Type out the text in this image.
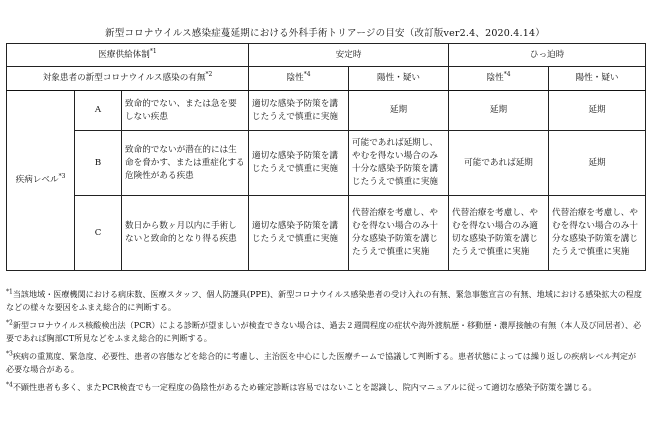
新型コロナウイルス感染症蔓延期における外科手術トリアージの目安（改訂版ver2.4、2020.4.14）
医療供給体制$^{*1}$			安定時		ひっ迫時	
対象患者の新型コロナウイルス感染の有無$^{*2}$			陰性$^{*4}$	陽性・疑い	陰性$^{*4}$	陽性・疑い
疾病レベル$^{*3}$	A	致命的でない、または急を要しない疾患	適切な感染予防策を講じたうえで慎重に実施	延期	延期	延期
	B	致命的でないが潜在的には生命を脅かす、または重症化する危険性がある疾患	適切な感染予防策を講じたうえで慎重に実施	可能であれば延期し、やむを得ない場合のみ十分な感染予防策を講じたうえで慎重に実施	可能であれば延期	延期
	C	数日から数ヶ月以内に手術しないと致命的となり得る疾患	適切な感染予防策を講じたうえで慎重に実施	代替治療を考慮し、やむを得ない場合のみ十分な感染予防策を講じたうえで慎重に実施	代替治療を考慮し、やむを得ない場合のみ適切な感染予防策を講じたうえで慎重に実施	代替治療を考慮し、やむを得ない場合のみ十分な感染予防策を講じたうえで慎重に実施

$^{*1}$当該地域・医療機関における病床数、医療スタッフ、個人防護具(PPE)、新型コロナウイルス感染患者の受け入れの有無、緊急事態宣言の有無、地域における感染拡大の程度などの様々な要因をふまえ総合的に判断する。

$^{*2}$新型コロナウイルス核酸検出法（PCR）による診断が望ましいが検査できない場合は、過去２週間程度の症状や海外渡航歴・移動歴・濃厚接触の有無（本人及び同居者）、必要であれば胸部CT所見などをふまえ総合的に判断する。

$^{*3}$疾病の重篤度、緊急度、必要性、患者の容態などを総合的に考慮し、主治医を中心にした医療チームで協議して判断する。患者状態によっては繰り返しの疾病レベル判定が必要な場合がある。

$^{*4}$不顕性患者も多く、またPCR検査でも一定程度の偽陰性があるため確定診断は容易ではないことを認識し、院内マニュアルに従って適切な感染予防策を講じる。
